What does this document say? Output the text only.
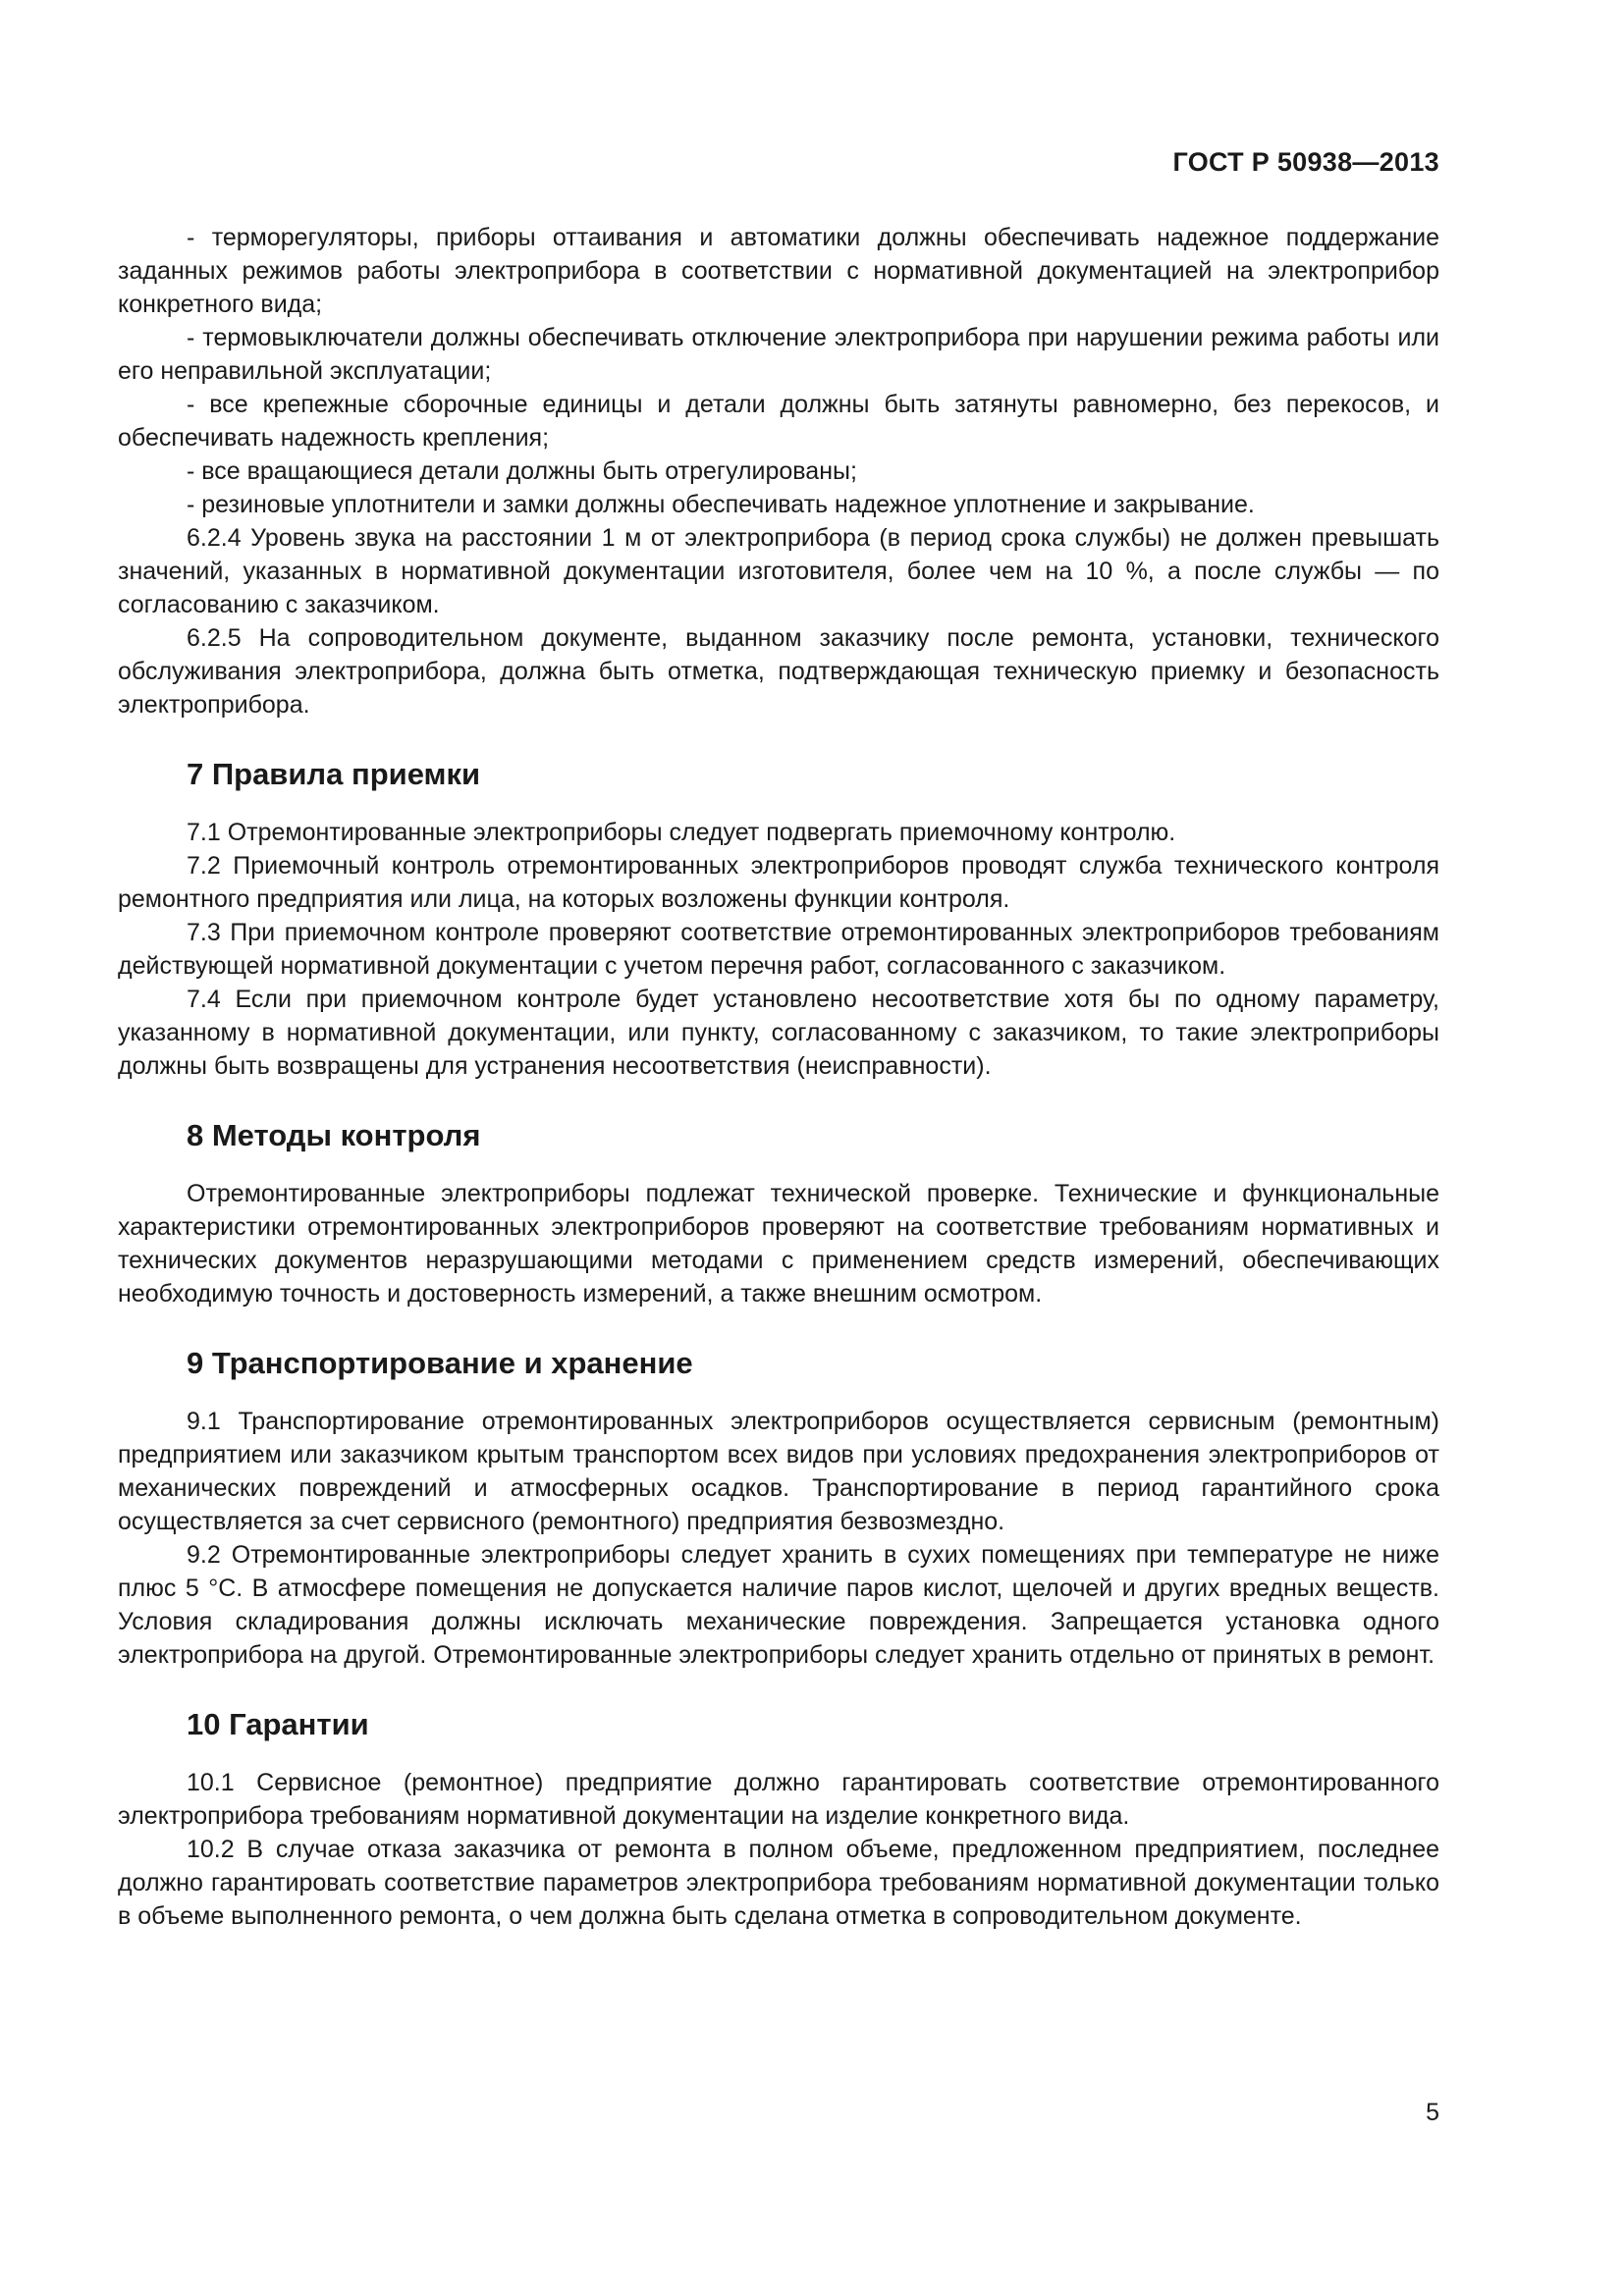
ГОСТ Р 50938—2013

- терморегуляторы, приборы оттаивания и автоматики должны обеспечивать надежное поддержание заданных режимов работы электроприбора в соответствии с нормативной документацией на электроприбор конкретного вида;

- термовыключатели должны обеспечивать отключение электроприбора при нарушении режима работы или его неправильной эксплуатации;

- все крепежные сборочные единицы и детали должны быть затянуты равномерно, без перекосов, и обеспечивать надежность крепления;

- все вращающиеся детали должны быть отрегулированы;

- резиновые уплотнители и замки должны обеспечивать надежное уплотнение и закрывание.

6.2.4 Уровень звука на расстоянии 1 м от электроприбора (в период срока службы) не должен превышать значений, указанных в нормативной документации изготовителя, более чем на 10 %, а после службы — по согласованию с заказчиком.

6.2.5 На сопроводительном документе, выданном заказчику после ремонта, установки, технического обслуживания электроприбора, должна быть отметка, подтверждающая техническую приемку и безопасность электроприбора.

7 Правила приемки

7.1 Отремонтированные электроприборы следует подвергать приемочному контролю.

7.2 Приемочный контроль отремонтированных электроприборов проводят служба технического контроля ремонтного предприятия или лица, на которых возложены функции контроля.

7.3 При приемочном контроле проверяют соответствие отремонтированных электроприборов требованиям действующей нормативной документации с учетом перечня работ, согласованного с заказчиком.

7.4 Если при приемочном контроле будет установлено несоответствие хотя бы по одному параметру, указанному в нормативной документации, или пункту, согласованному с заказчиком, то такие электроприборы должны быть возвращены для устранения несоответствия (неисправности).

8 Методы контроля

Отремонтированные электроприборы подлежат технической проверке. Технические и функциональные характеристики отремонтированных электроприборов проверяют на соответствие требованиям нормативных и технических документов неразрушающими методами с применением средств измерений, обеспечивающих необходимую точность и достоверность измерений, а также внешним осмотром.

9 Транспортирование и хранение

9.1 Транспортирование отремонтированных электроприборов осуществляется сервисным (ремонтным) предприятием или заказчиком крытым транспортом всех видов при условиях предохранения электроприборов от механических повреждений и атмосферных осадков. Транспортирование в период гарантийного срока осуществляется за счет сервисного (ремонтного) предприятия безвозмездно.

9.2 Отремонтированные электроприборы следует хранить в сухих помещениях при температуре не ниже плюс 5 °С. В атмосфере помещения не допускается наличие паров кислот, щелочей и других вредных веществ. Условия складирования должны исключать механические повреждения. Запрещается установка одного электроприбора на другой. Отремонтированные электроприборы следует хранить отдельно от принятых в ремонт.

10 Гарантии

10.1 Сервисное (ремонтное) предприятие должно гарантировать соответствие отремонтированного электроприбора требованиям нормативной документации на изделие конкретного вида.

10.2 В случае отказа заказчика от ремонта в полном объеме, предложенном предприятием, последнее должно гарантировать соответствие параметров электроприбора требованиям нормативной документации только в объеме выполненного ремонта, о чем должна быть сделана отметка в сопроводительном документе.

5
